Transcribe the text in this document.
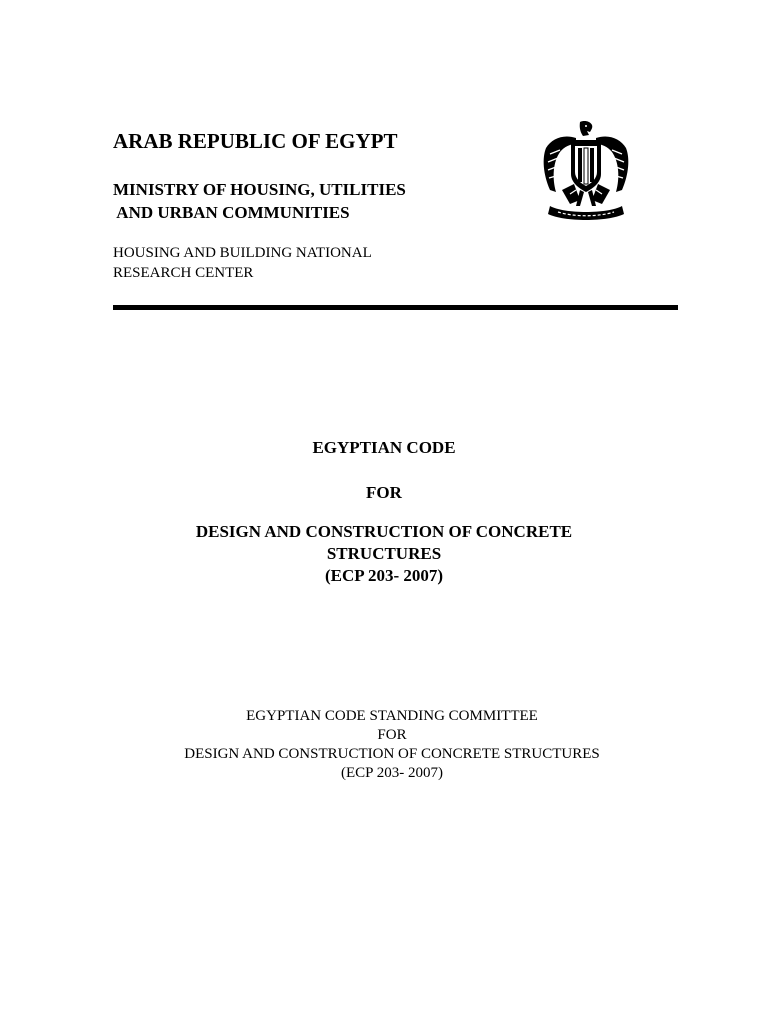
ARAB REPUBLIC OF EGYPT
MINISTRY OF HOUSING, UTILITIES
AND URBAN COMMUNITIES
HOUSING AND BUILDING NATIONAL
RESEARCH CENTER
EGYPTIAN CODE
FOR
DESIGN AND CONSTRUCTION OF CONCRETE
STRUCTURES
(ECP 203- 2007)
EGYPTIAN CODE STANDING COMMITTEE
FOR
DESIGN AND CONSTRUCTION OF CONCRETE STRUCTURES
(ECP 203- 2007)
